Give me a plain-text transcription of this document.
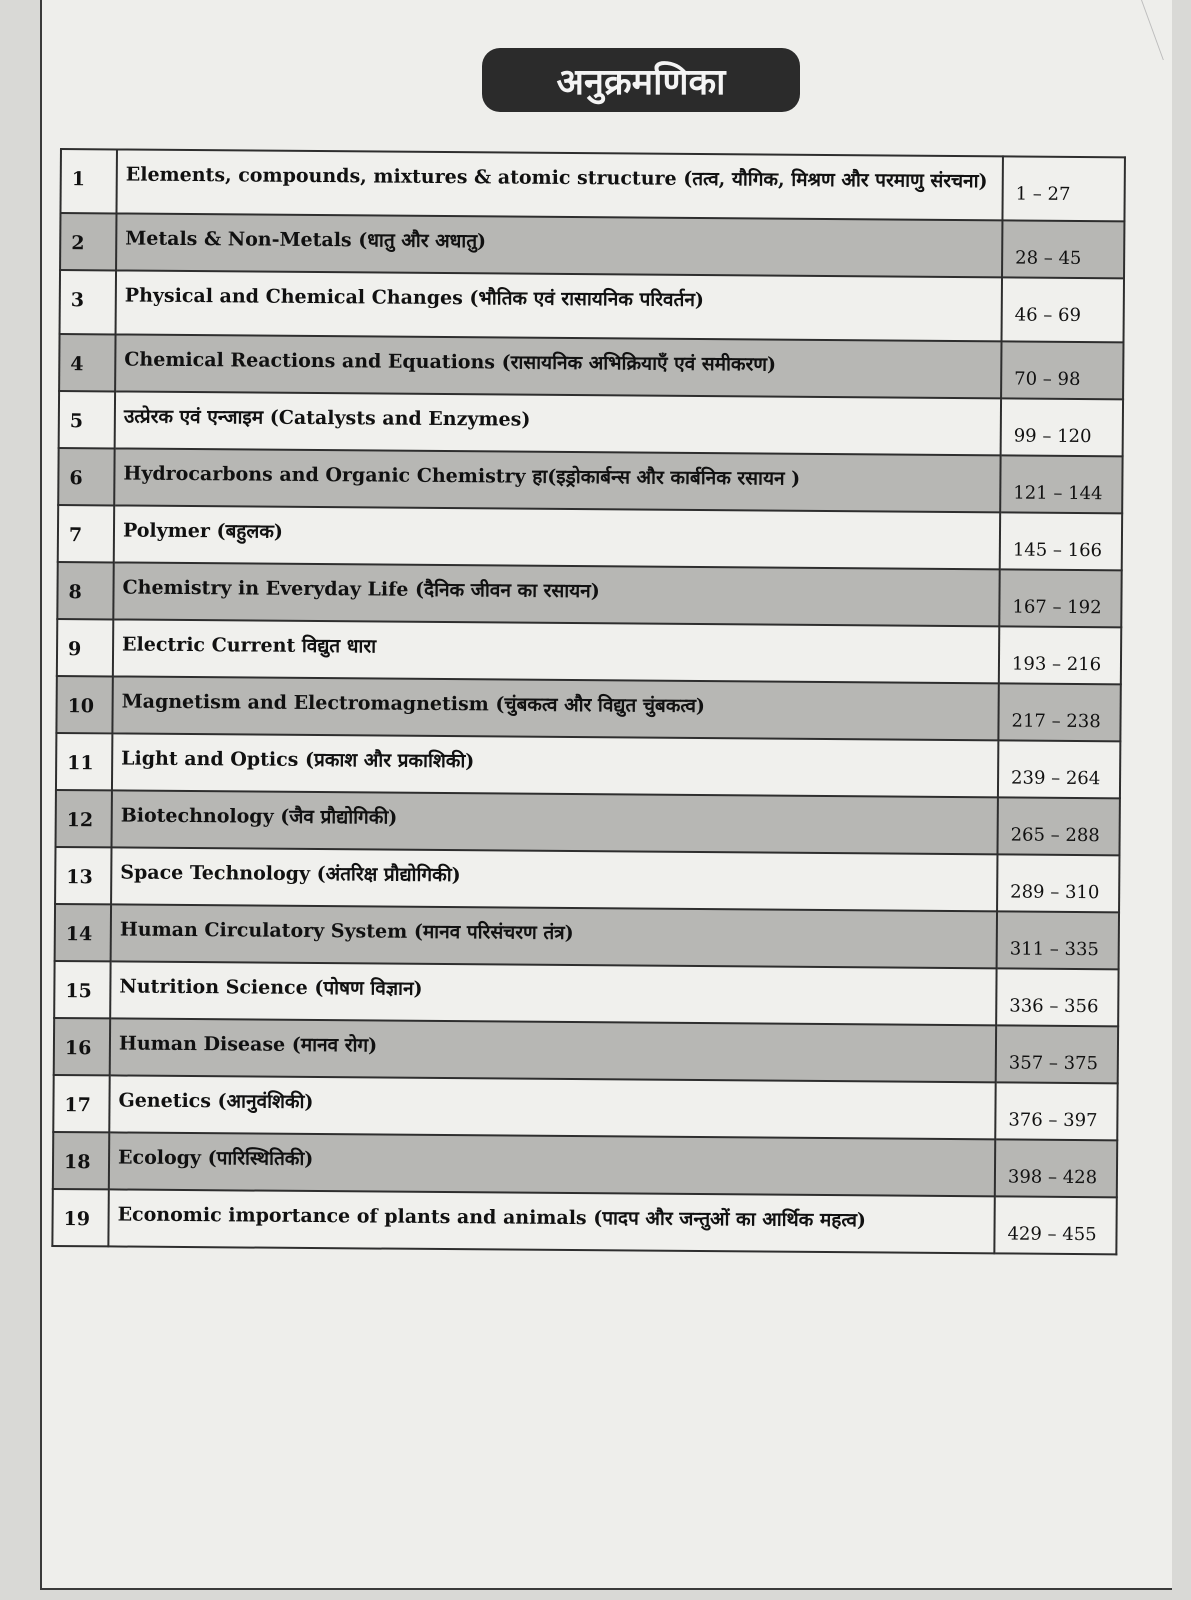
अनुक्रमणिका
1	Elements, compounds, mixtures & atomic structure (तत्व, यौगिक, मिश्रण और परमाणु संरचना)	1 – 27
2	Metals & Non-Metals (धातु और अधातु)	28 – 45
3	Physical and Chemical Changes (भौतिक एवं रासायनिक परिवर्तन)	46 – 69
4	Chemical Reactions and Equations (रासायनिक अभिक्रियाएँ एवं समीकरण)	70 – 98
5	उत्प्रेरक एवं एन्जाइम (Catalysts and Enzymes)	99 – 120
6	Hydrocarbons and Organic Chemistry हा(इड्रोकार्बन्स और कार्बनिक रसायन )	121 – 144
7	Polymer (बहुलक)	145 – 166
8	Chemistry in Everyday Life (दैनिक जीवन का रसायन)	167 – 192
9	Electric Current विद्युत धारा	193 – 216
10	Magnetism and Electromagnetism (चुंबकत्व और विद्युत चुंबकत्व)	217 – 238
11	Light and Optics (प्रकाश और प्रकाशिकी)	239 – 264
12	Biotechnology (जैव प्रौद्योगिकी)	265 – 288
13	Space Technology (अंतरिक्ष प्रौद्योगिकी)	289 – 310
14	Human Circulatory System (मानव परिसंचरण तंत्र)	311 – 335
15	Nutrition Science (पोषण विज्ञान)	336 – 356
16	Human Disease (मानव रोग)	357 – 375
17	Genetics (आनुवंशिकी)	376 – 397
18	Ecology (पारिस्थितिकी)	398 – 428
19	Economic importance of plants and animals (पादप और जन्तुओं का आर्थिक महत्व)	429 – 455
